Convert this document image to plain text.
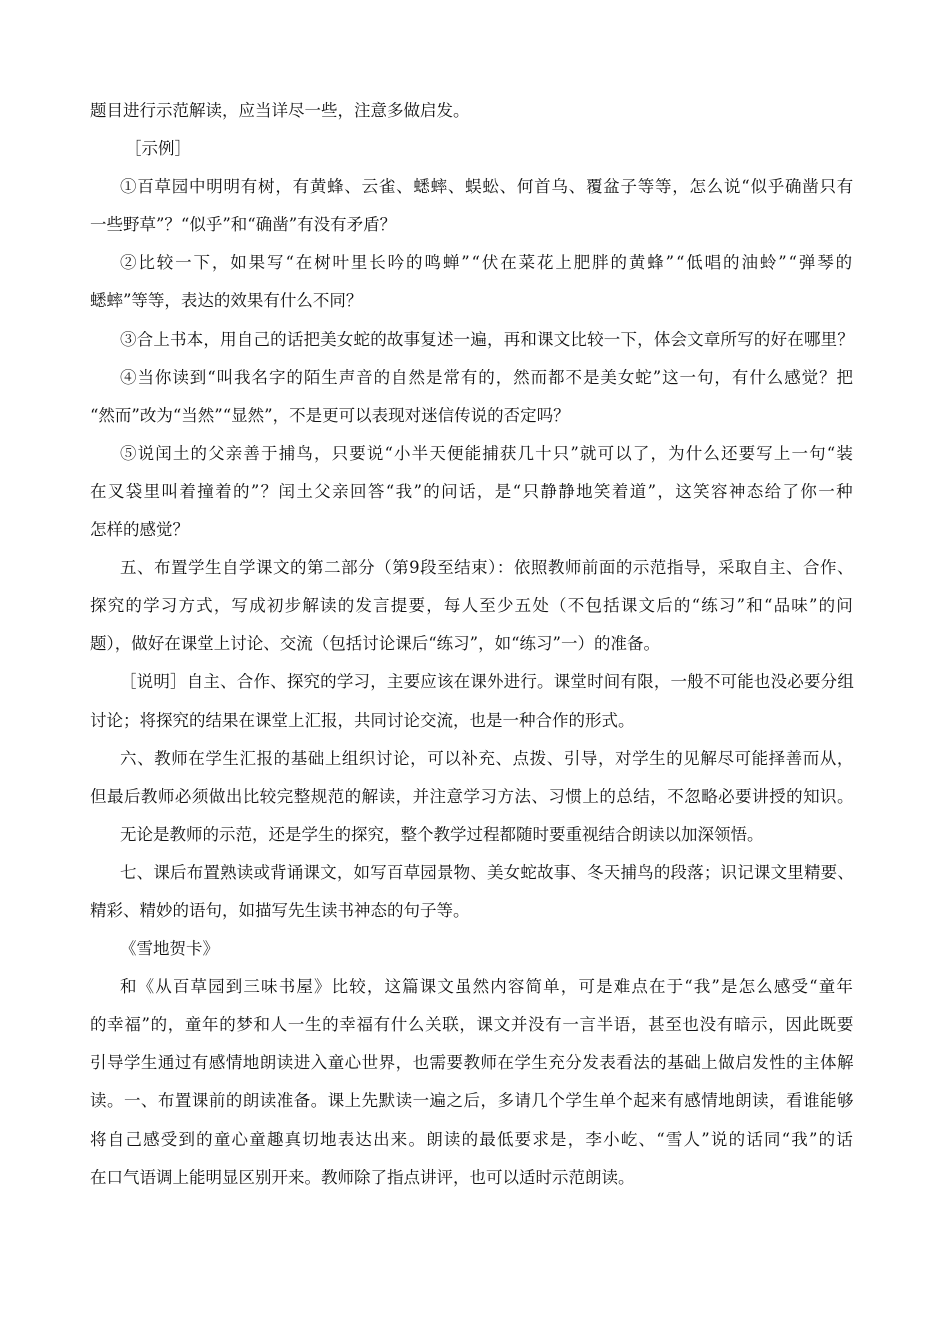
题目进行示范解读，应当详尽一些，注意多做启发。
［示例］
①百草园中明明有树，有黄蜂、云雀、蟋蟀、蜈蚣、何首乌、覆盆子等等，怎么说“似乎确凿只有
一些野草”？“似乎”和“确凿”有没有矛盾？
②比较一下，如果写“在树叶里长吟的鸣蝉”“伏在菜花上肥胖的黄蜂”“低唱的油蛉”“弹琴的
蟋蟀”等等，表达的效果有什么不同？
③合上书本，用自己的话把美女蛇的故事复述一遍，再和课文比较一下，体会文章所写的好在哪里？
④当你读到“叫我名字的陌生声音的自然是常有的，然而都不是美女蛇”这一句，有什么感觉？把
“然而”改为“当然”“显然”，不是更可以表现对迷信传说的否定吗？
⑤说闰土的父亲善于捕鸟，只要说“小半天便能捕获几十只”就可以了，为什么还要写上一句“装
在叉袋里叫着撞着的”？闰土父亲回答“我”的问话，是“只静静地笑着道”，这笑容神态给了你一种
怎样的感觉？
五、布置学生自学课文的第二部分（第9段至结束）：依照教师前面的示范指导，采取自主、合作、
探究的学习方式，写成初步解读的发言提要，每人至少五处（不包括课文后的“练习”和“品味”的问
题），做好在课堂上讨论、交流（包括讨论课后“练习”，如“练习”一）的准备。
［说明］自主、合作、探究的学习，主要应该在课外进行。课堂时间有限，一般不可能也没必要分组
讨论；将探究的结果在课堂上汇报，共同讨论交流，也是一种合作的形式。
六、教师在学生汇报的基础上组织讨论，可以补充、点拨、引导，对学生的见解尽可能择善而从，
但最后教师必须做出比较完整规范的解读，并注意学习方法、习惯上的总结，不忽略必要讲授的知识。
无论是教师的示范，还是学生的探究，整个教学过程都随时要重视结合朗读以加深领悟。
七、课后布置熟读或背诵课文，如写百草园景物、美女蛇故事、冬天捕鸟的段落；识记课文里精要、
精彩、精妙的语句，如描写先生读书神态的句子等。
《雪地贺卡》
和《从百草园到三味书屋》比较，这篇课文虽然内容简单，可是难点在于“我”是怎么感受“童年
的幸福”的，童年的梦和人一生的幸福有什么关联，课文并没有一言半语，甚至也没有暗示，因此既要
引导学生通过有感情地朗读进入童心世界，也需要教师在学生充分发表看法的基础上做启发性的主体解
读。一、布置课前的朗读准备。课上先默读一遍之后，多请几个学生单个起来有感情地朗读，看谁能够
将自己感受到的童心童趣真切地表达出来。朗读的最低要求是，李小屹、“雪人”说的话同“我”的话
在口气语调上能明显区别开来。教师除了指点讲评，也可以适时示范朗读。
